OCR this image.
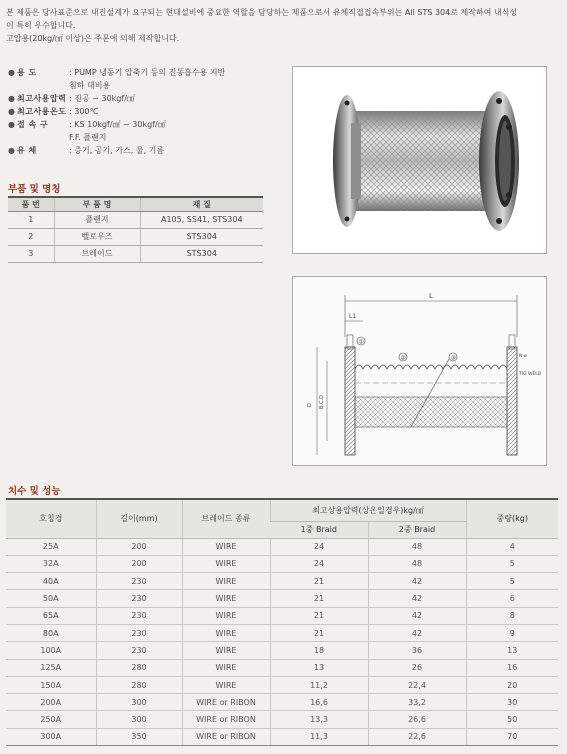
본 제품은 당사표준으로 내진설계가 요구되는 현대설비에 중요한 역할을 담당하는 제품으로서 유체직접접속부위는 All STS 304로 제작하여 내식성

이 특히 우수합니다.

고압용(20kg/㎠ 이상)은 주문에 의해 제작합니다.

● 용 도	: PUMP 냉동기 압축기 등의 진동흡수용 지반
침하 대비용
● 최고사용압력 : 진공 ~ 30kgf/㎠
● 최고사용온도 : 300℃
● 접 속 구	: KS 10kgf/㎠ ~ 30kgf/㎠
F.F. 플랜지
● 유 체	: 증기, 공기, 가스, 물, 기름
부품 및 명칭
품 번	부 품 명	재 질
1	플랜지	A105, SS41, STS304
2	벨로우즈	STS304
3	브레이드	STS304
L
L1
①
②	③	N-ø
TIG WELD
D B.C.D
치수 및 성능
호칭경	길이(mm)	브레이드 종류	최고상용압력(상온일경우)kg/㎠		중량(kg)
			1중 Braid	2중 Braid	
25A	200	WIRE	24	48	4
32A	200	WIRE	24	48	5
40A	230	WIRE	21	42	5
50A	230	WIRE	21	42	6
65A	230	WIRE	21	42	8
80A	230	WIRE	21	42	9
100A	230	WIRE	18	36	13
125A	280	WIRE	13	26	16
150A	280	WIRE	11,2	22,4	20
200A	300	WIRE or RIBON	16,6	33,2	30
250A	300	WIRE or RIBON	13,3	26,6	50
300A	350	WIRE or RIBON	11,3	22,6	70
